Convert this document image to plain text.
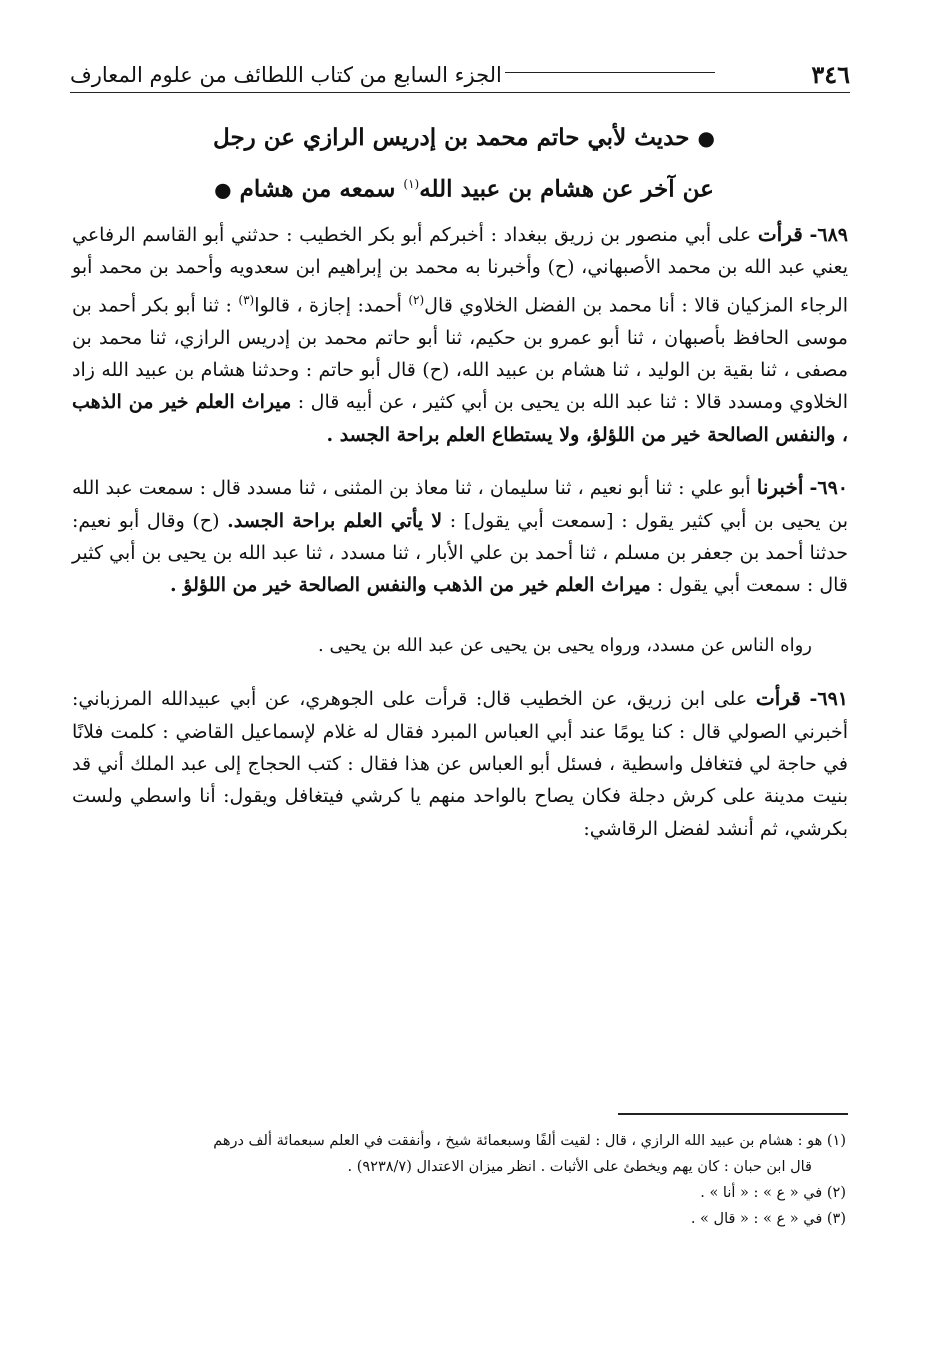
٣٤٦
الجزء السابع من كتاب اللطائف من علوم المعارف
● حديث لأبي حاتم محمد بن إدريس الرازي عن رجل
عن آخر عن هشام بن عبيد الله$^{(١)}$ سمعه من هشام ●

٦٨٩- قرأت على أبي منصور بن زريق ببغداد : أخبركم أبو بكر الخطيب : حدثني أبو القاسم الرفاعي يعني عبد الله بن محمد الأصبهاني، (ح) وأخبرنا به محمد بن إبراهيم ابن سعدويه وأحمد بن محمد أبو الرجاء المزكيان قالا : أنا محمد بن الفضل الخلاوي قال$^{(٢)}$ أحمد: إجازة ، قالوا$^{(٣)}$ : ثنا أبو بكر أحمد بن موسى الحافظ بأصبهان ، ثنا أبو عمرو بن حكيم، ثنا أبو حاتم محمد بن إدريس الرازي، ثنا محمد بن مصفى ، ثنا بقية بن الوليد ، ثنا هشام بن عبيد الله، (ح) قال أبو حاتم : وحدثنا هشام بن عبيد الله زاد الخلاوي ومسدد قالا : ثنا عبد الله بن يحيى بن أبي كثير ، عن أبيه قال : ميراث العلم خير من الذهب ، والنفس الصالحة خير من اللؤلؤ، ولا يستطاع العلم براحة الجسد .

٦٩٠- أخبرنا أبو علي : ثنا أبو نعيم ، ثنا سليمان ، ثنا معاذ بن المثنى ، ثنا مسدد قال : سمعت عبد الله بن يحيى بن أبي كثير يقول : [سمعت أبي يقول] : لا يأتي العلم براحة الجسد. (ح) وقال أبو نعيم: حدثنا أحمد بن جعفر بن مسلم ، ثنا أحمد بن علي الأبار ، ثنا مسدد ، ثنا عبد الله بن يحيى بن أبي كثير قال : سمعت أبي يقول : ميراث العلم خير من الذهب والنفس الصالحة خير من اللؤلؤ .

رواه الناس عن مسدد، ورواه يحيى بن يحيى عن عبد الله بن يحيى .

٦٩١- قرأت على ابن زريق، عن الخطيب قال: قرأت على الجوهري، عن أبي عبيدالله المرزباني: أخبرني الصولي قال : كنا يومًا عند أبي العباس المبرد فقال له غلام لإسماعيل القاضي : كلمت فلانًا في حاجة لي فتغافل واسطية ، فسئل أبو العباس عن هذا فقال : كتب الحجاج إلى عبد الملك أني قد بنيت مدينة على كرش دجلة فكان يصاح بالواحد منهم يا كرشي فيتغافل ويقول: أنا واسطي ولست بكرشي، ثم أنشد لفضل الرقاشي:

(١) هو : هشام بن عبيد الله الرازي ، قال : لقيت ألفًا وسبعمائة شيخ ، وأنفقت في العلم سبعمائة ألف درهم
قال ابن حبان : كان يهم ويخطئ على الأثبات . انظر ميزان الاعتدال (٩٢٣٨/٧) .

(٢) في « ع » : « أنا » .

(٣) في « ع » : « قال » .
